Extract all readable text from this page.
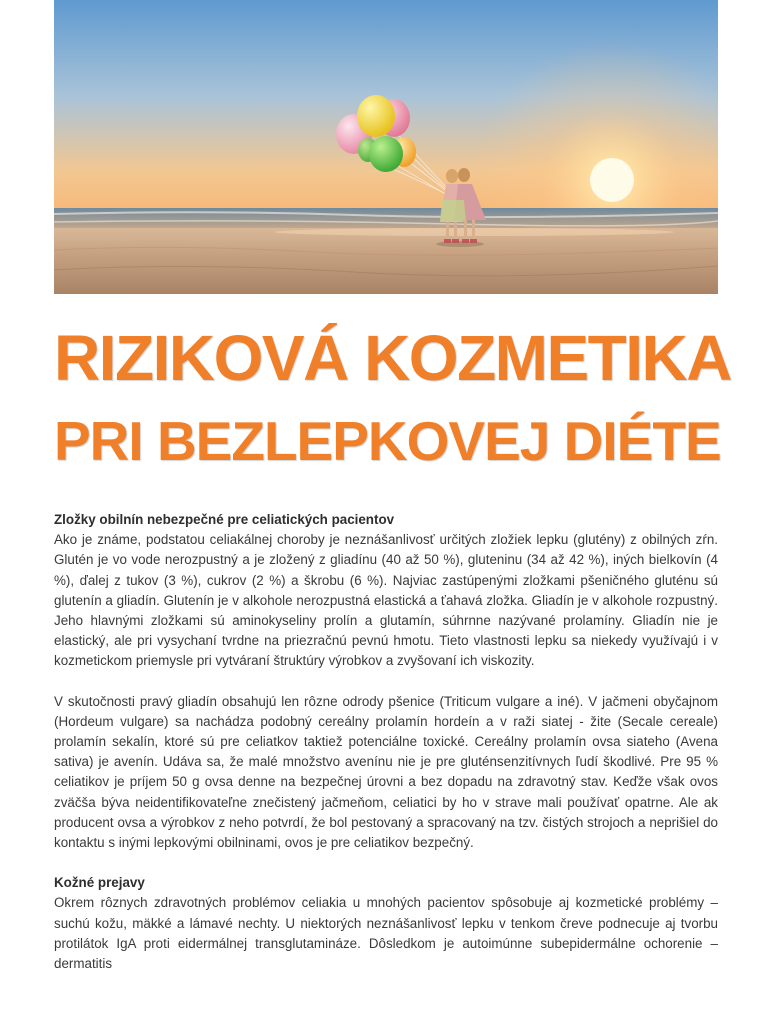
RIZIKOVÁ KOZMETIKA
PRI BEZLEPKOVEJ DIÉTE
Zložky obilnín nebezpečné pre celiatických pacientov

Ako je známe, podstatou celiakálnej choroby je neznášanlivosť určitých zložiek lepku (glutény) z obilných zŕn. Glutén je vo vode nerozpustný a je zložený z gliadínu (40 až 50 %), gluteninu (34 až 42 %), iných bielkovín (4 %), ďalej z tukov (3 %), cukrov (2 %) a škrobu (6 %). Najviac zastúpenými zložkami pšeničného gluténu sú glutenín a gliadín. Glutenín je v alkohole nerozpustná elastická a ťahavá zložka. Gliadín je v alkohole rozpustný. Jeho hlavnými zložkami sú aminokyseliny prolín a glutamín, súhrnne nazývané prolamíny. Gliadín nie je elastický, ale pri vysychaní tvrdne na priezračnú pevnú hmotu. Tieto vlastnosti lepku sa niekedy využívajú i v kozmetickom priemysle pri vytváraní štruktúry výrobkov a zvyšovaní ich viskozity.

V skutočnosti pravý gliadín obsahujú len rôzne odrody pšenice (Triticum vulgare a iné). V jačmeni obyčajnom (Hordeum vulgare) sa nachádza podobný cereálny prolamín hordeín a v raži siatej - žite (Secale cereale) prolamín sekalín, ktoré sú pre celiatkov taktiež potenciálne toxické. Cereálny prolamín ovsa siateho (Avena sativa) je avenín. Udáva sa, že malé množstvo avenínu nie je pre gluténsenzitívnych ľudí škodlivé. Pre 95 % celiatikov je príjem 50 g ovsa denne na bezpečnej úrovni a bez dopadu na zdravotný stav. Keďže však ovos zväčša býva neidentifikovateľne znečistený jačmeňom, celiatici by ho v strave mali používať opatrne. Ale ak producent ovsa a výrobkov z neho potvrdí, že bol pestovaný a spracovaný na tzv. čistých strojoch a neprišiel do kontaktu s inými lepkovými obilninami, ovos je pre celiatikov bezpečný.

Kožné prejavy

Okrem rôznych zdravotných problémov celiakia u mnohých pacientov spôsobuje aj kozmetické problémy – suchú kožu, mäkké a lámavé nechty. U niektorých neznášanlivosť lepku v tenkom čreve podnecuje aj tvorbu protilátok IgA proti eidermálnej transglutamináze. Dôsledkom je autoimúnne subepidermálne ochorenie – dermatitis
